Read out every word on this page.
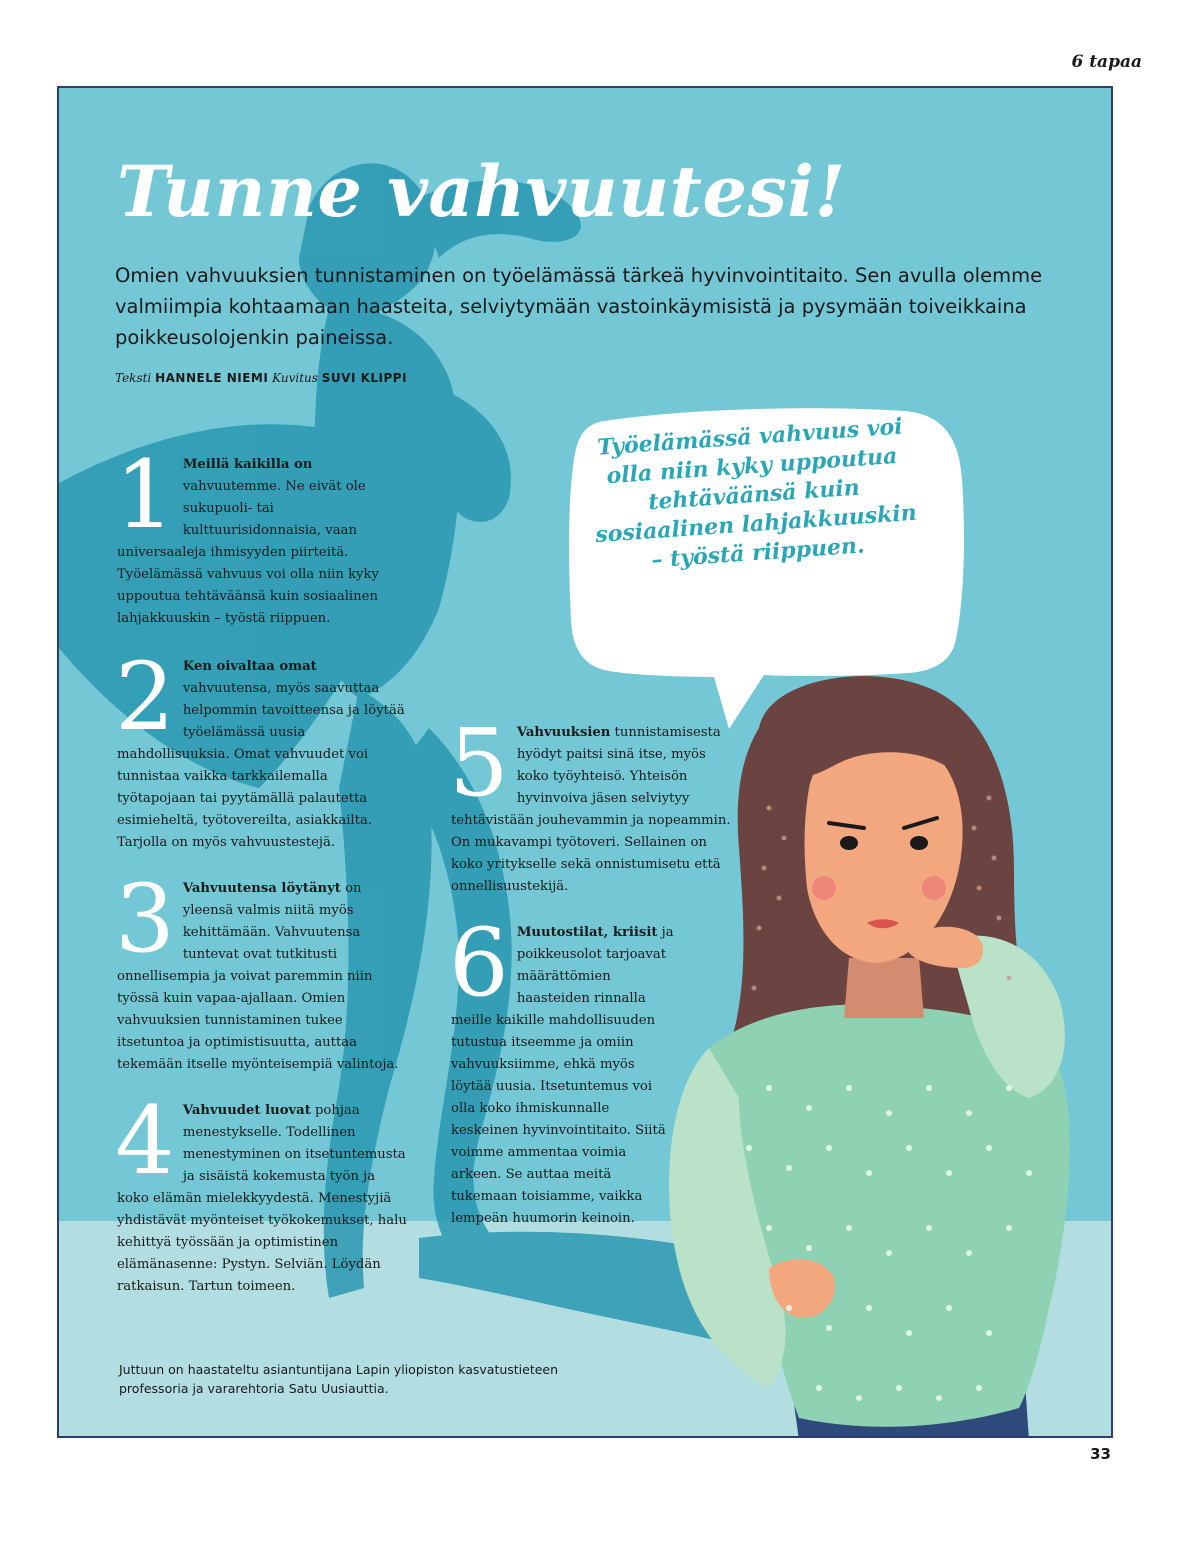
6 tapaa
Tunne vahvuutesi!
Omien vahvuuksien tunnistaminen on työelämässä tärkeä hyvinvointitaito. Sen avulla olemme valmiimpia kohtaamaan haasteita, selviytymään vastoinkäymisistä ja pysymään toiveikkaina poikkeusolojenkin paineissa.
Teksti HANNELE NIEMI Kuvitus SUVI KLIPPI
Työelämässä vahvuus voi olla niin kyky uppoutua tehtäväänsä kuin sosiaalinen lahjakkuuskin – työstä riippuen.
1 Meillä kaikilla on vahvuutemme. Ne eivät ole sukupuoli- tai kulttuurisidonnaisia, vaan universaaleja ihmisyyden piirteitä. Työelämässä vahvuus voi olla niin kyky uppoutua tehtäväänsä kuin sosiaalinen lahjakkuuskin – työstä riippuen.
2 Ken oivaltaa omat vahvuutensa, myös saavuttaa helpommin tavoitteensa ja löytää työelämässä uusia mahdollisuuksia. Omat vahvuudet voi tunnistaa vaikka tarkkailemalla työtapojaan tai pyytämällä palautetta esimieheltä, työtovereilta, asiakkailta. Tarjolla on myös vahvuustestejä.
3 Vahvuutensa löytänyt on yleensä valmis niitä myös kehittämään. Vahvuutensa tuntevat ovat tutkitusti onnellisempia ja voivat paremmin niin työssä kuin vapaa-ajallaan. Omien vahvuuksien tunnistaminen tukee itsetuntoa ja optimistisuutta, auttaa tekemään itselle myönteisempiä valintoja.
4 Vahvuudet luovat pohjaa menestykselle. Todellinen menestyminen on itsetuntemusta ja sisäistä kokemusta työn ja koko elämän mielekkyydestä. Menestyjiä yhdistävät myönteiset työkokemukset, halu kehittyä työssään ja optimistinen elämänasenne: Pystyn. Selviän. Löydän ratkaisun. Tartun toimeen.
5 Vahvuuksien tunnistamisesta hyödyt paitsi sinä itse, myös koko työyhteisö. Yhteisön hyvinvoiva jäsen selviytyy tehtävistään jouhevammin ja nopeammin. On mukavampi työtoveri. Sellainen on koko yritykselle sekä onnistumisetu että onnellisuustekijä.
6 Muutostilat, kriisit ja poikkeusolot tarjoavat määrättömien haasteiden rinnalla meille kaikille mahdollisuuden tutustua itseemme ja omiin vahvuuksiimme, ehkä myös löytää uusia. Itsetuntemus voi olla koko ihmiskunnalle keskeinen hyvinvointitaito. Siitä voimme ammentaa voimia arkeen. Se auttaa meitä tukemaan toisiamme, vaikka lempeän huumorin keinoin.
Juttuun on haastateltu asiantuntijana Lapin yliopiston kasvatustieteen professoria ja vararehtoria Satu Uusiauttia.
33
